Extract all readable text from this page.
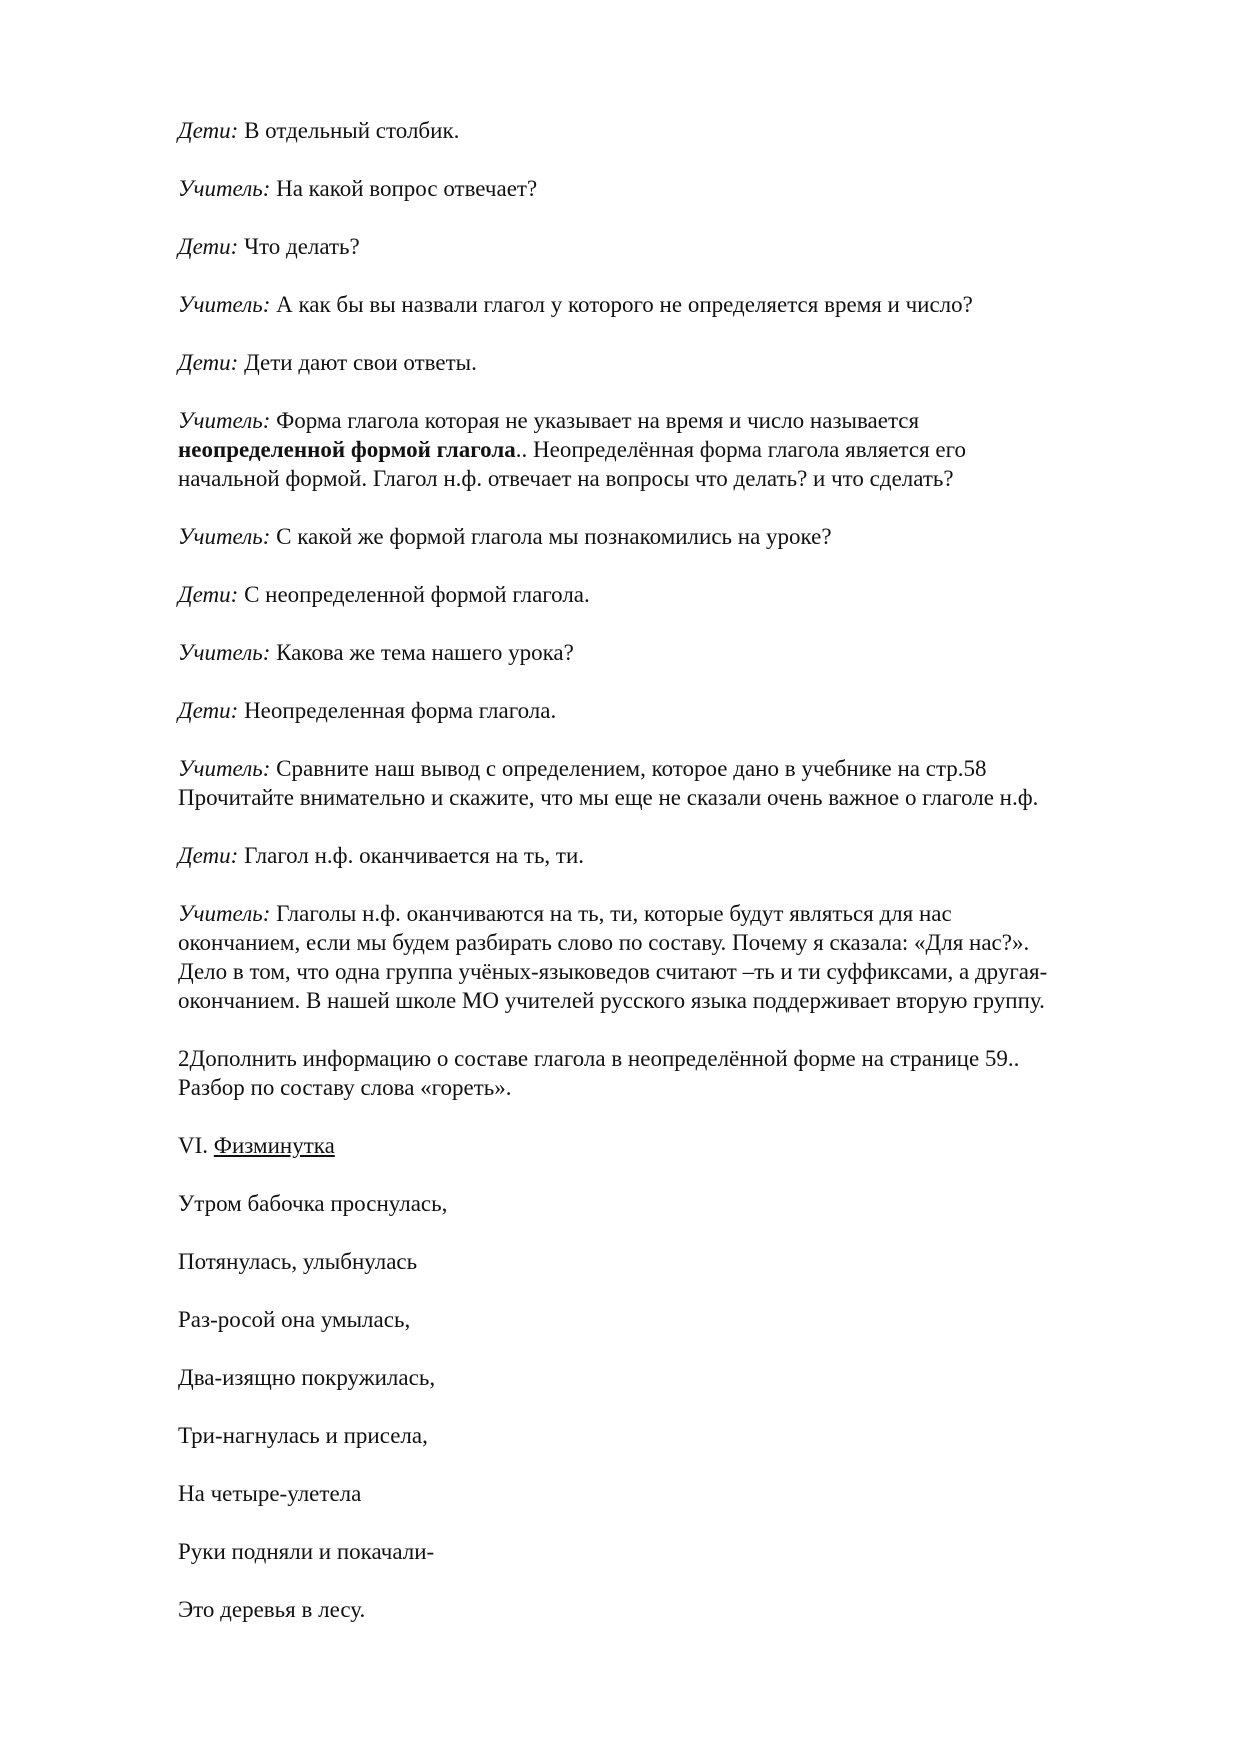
Дети: В отдельный столбик.

Учитель: На какой вопрос отвечает?

Дети: Что делать?

Учитель: А как бы вы назвали глагол у которого не определяется время и число?

Дети: Дети дают свои ответы.

Учитель: Форма глагола которая не указывает на время и число называется
неопределенной формой глагола.. Неопределённая форма глагола является его
начальной формой. Глагол н.ф. отвечает на вопросы что делать? и что сделать?

Учитель: С какой же формой глагола мы познакомились на уроке?

Дети: С неопределенной формой глагола.

Учитель: Какова же тема нашего урока?

Дети: Неопределенная форма глагола.

Учитель: Сравните наш вывод с определением, которое дано в учебнике на стр.58
Прочитайте внимательно и скажите, что мы еще не сказали очень важное о глаголе н.ф.

Дети: Глагол н.ф. оканчивается на ть, ти.

Учитель: Глаголы н.ф. оканчиваются на ть, ти, которые будут являться для нас
окончанием, если мы будем разбирать слово по составу. Почему я сказала: «Для нас?».
Дело в том, что одна группа учёных-языковедов считают –ть и ти суффиксами, а другая-
окончанием. В нашей школе МО учителей русского языка поддерживает вторую группу.

2Дополнить информацию о составе глагола в неопределённой форме на странице 59..
Разбор по составу слова «гореть».

VI. Физминутка

Утром бабочка проснулась,

Потянулась, улыбнулась

Раз-росой она умылась,

Два-изящно покружилась,

Три-нагнулась и присела,

На четыре-улетела

Руки подняли и покачали-

Это деревья в лесу.
